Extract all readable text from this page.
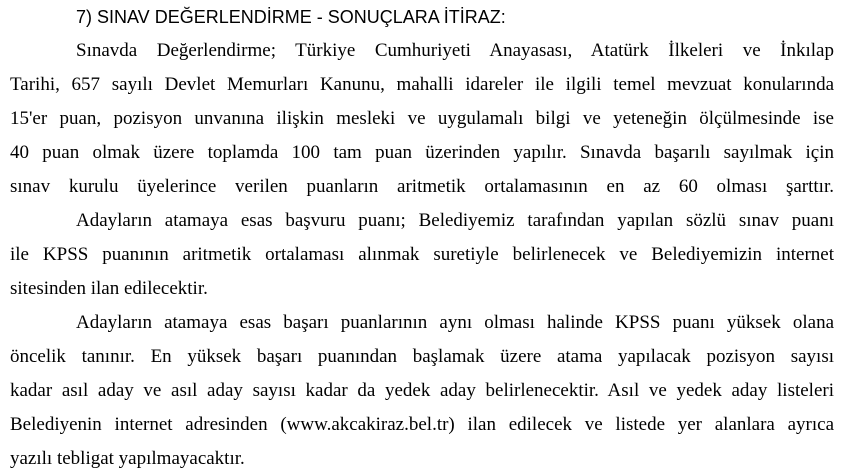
7) SINAV DEĞERLENDİRME - SONUÇLARA İTİRAZ:
Sınavda Değerlendirme; Türkiye Cumhuriyeti Anayasası, Atatürk İlkeleri ve İnkılap
Tarihi, 657 sayılı Devlet Memurları Kanunu, mahalli idareler ile ilgili temel mevzuat konularında
15'er puan, pozisyon unvanına ilişkin mesleki ve uygulamalı bilgi ve yeteneğin ölçülmesinde ise
40 puan olmak üzere toplamda 100 tam puan üzerinden yapılır. Sınavda başarılı sayılmak için
sınav kurulu üyelerince verilen puanların aritmetik ortalamasının en az 60 olması şarttır.
Adayların atamaya esas başvuru puanı; Belediyemiz tarafından yapılan sözlü sınav puanı
ile KPSS puanının aritmetik ortalaması alınmak suretiyle belirlenecek ve Belediyemizin internet
sitesinden ilan edilecektir.
Adayların atamaya esas başarı puanlarının aynı olması halinde KPSS puanı yüksek olana
öncelik tanınır. En yüksek başarı puanından başlamak üzere atama yapılacak pozisyon sayısı
kadar asıl aday ve asıl aday sayısı kadar da yedek aday belirlenecektir. Asıl ve yedek aday listeleri
Belediyenin internet adresinden (www.akcakiraz.bel.tr) ilan edilecek ve listede yer alanlara ayrıca
yazılı tebligat yapılmayacaktır.
